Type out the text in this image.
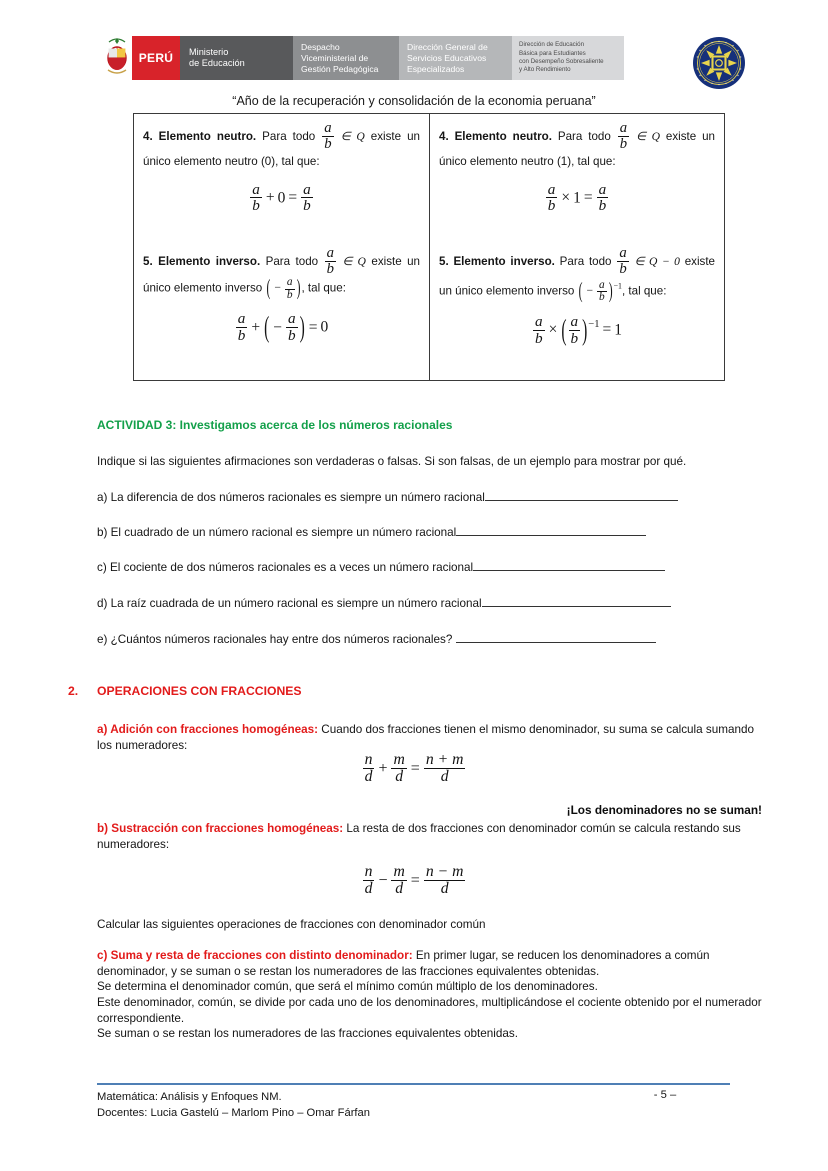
PERÚ Ministerio
de Educación
Despacho
Viceministerial de
Gestión Pedagógica
Dirección General de
Servicios Educativos
Especializados
Dirección de Educación
Básica para Estudiantes
con Desempeño Sobresaliente
y Alto Rendimiento
“Año de la recuperación y consolidación de la economia peruana”
4. Elemento neutro. Para todo $\frac{a}{b}$ ∈ Q existe un único elemento neutro (0), tal que:
$\frac{a}{b} + 0 = \frac{a}{b}$
5. Elemento inverso. Para todo $\frac{a}{b}$ ∈ Q existe un único elemento inverso ( − $\frac{a}{b}$ ), tal que:
$\frac{a}{b}$ + ( − $\frac{a}{b}$ ) = 0
4. Elemento neutro. Para todo $\frac{a}{b}$ ∈ Q existe un único elemento neutro (1), tal que:
$\frac{a}{b} \times 1 = \frac{a}{b}$
5. Elemento inverso. Para todo $\frac{a}{b}$ ∈ Q − 0 existe un único elemento inverso ( − $\frac{a}{b} )^{-1}$, tal que:
$\frac{a}{b}$ × ( $\frac{a}{b} )^{-1} = 1$
ACTIVIDAD 3: Investigamos acerca de los números racionales
Indique si las siguientes afirmaciones son verdaderas o falsas. Si son falsas, de un ejemplo para mostrar por qué.
a) La diferencia de dos números racionales es siempre un número racional
b) El cuadrado de un número racional es siempre un número racional
c) El cociente de dos números racionales es a veces un número racional
d) La raíz cuadrada de un número racional es siempre un número racional
e) ¿Cuántos números racionales hay entre dos números racionales?
2. OPERACIONES CON FRACCIONES
a) Adición con fracciones homogéneas: Cuando dos fracciones tienen el mismo denominador, su suma se calcula sumando los numeradores:
$\frac{n}{d} + \frac{m}{d} = \frac{n + m}{d}$
¡Los denominadores no se suman!
b) Sustracción con fracciones homogéneas: La resta de dos fracciones con denominador común se calcula restando sus numeradores:
$\frac{n}{d} - \frac{m}{d} = \frac{n - m}{d}$
Calcular las siguientes operaciones de fracciones con denominador común
c) Suma y resta de fracciones con distinto denominador: En primer lugar, se reducen los denominadores a común denominador, y se suman o se restan los numeradores de las fracciones equivalentes obtenidas.
Se determina el denominador común, que será el mínimo común múltiplo de los denominadores.
Este denominador, común, se divide por cada uno de los denominadores, multiplicándose el cociente obtenido por el numerador correspondiente.
Se suman o se restan los numeradores de las fracciones equivalentes obtenidas.
Matemática: Análisis y Enfoques NM.
Docentes: Lucia Gastelú – Marlom Pino – Omar Fárfan
- 5 –
